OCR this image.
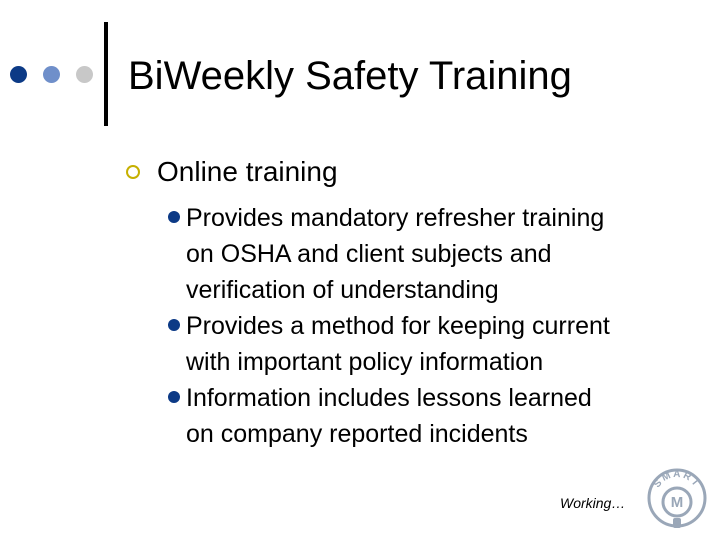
BiWeekly Safety Training
Online training
Provides mandatory refresher training
on OSHA and client subjects and
verification of understanding
Provides a method for keeping current
with important policy information
Information includes lessons learned
on company reported incidents
Working…
SMART
M
